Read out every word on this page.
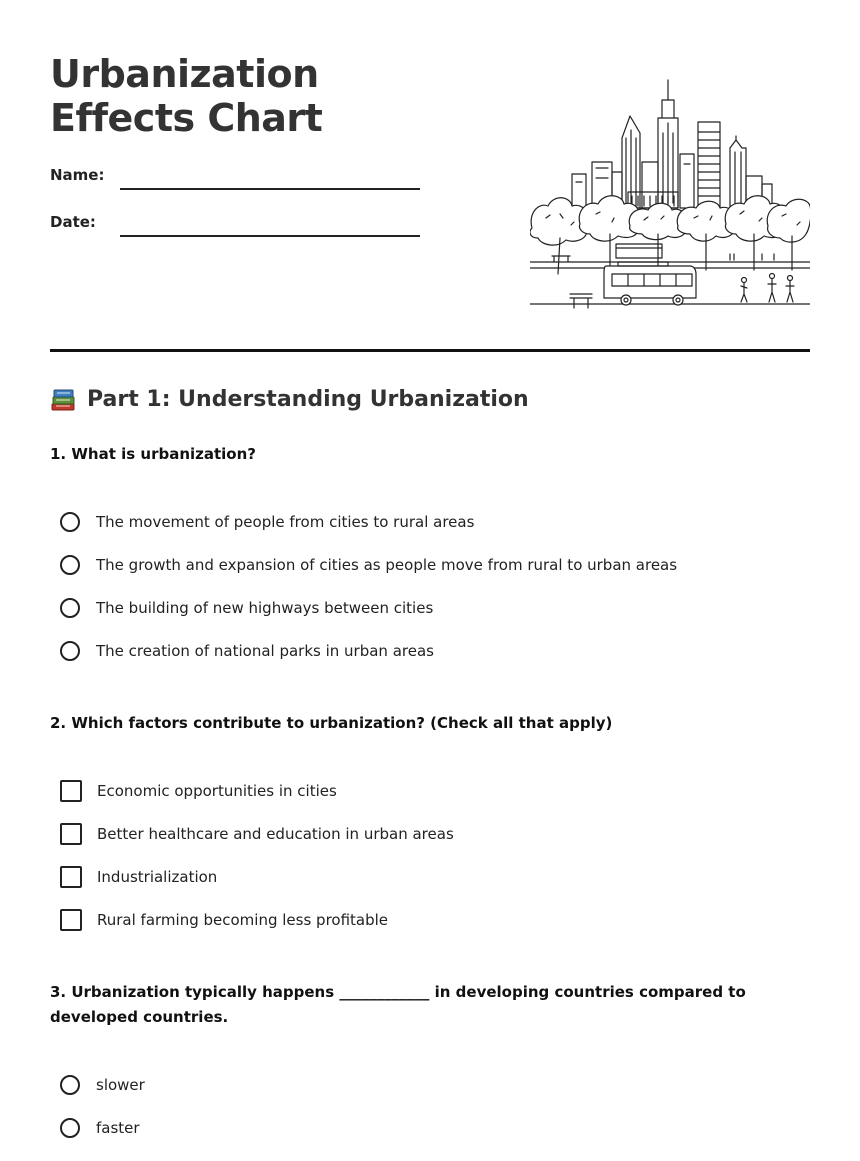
Urbanization Effects Chart
Name:
Date:
Part 1: Understanding Urbanization

1. What is urbanization?

The movement of people from cities to rural areas
The growth and expansion of cities as people move from rural to urban areas
The building of new highways between cities
The creation of national parks in urban areas

2. Which factors contribute to urbanization? (Check all that apply)

Economic opportunities in cities
Better healthcare and education in urban areas
Industrialization
Rural farming becoming less profitable

3. Urbanization typically happens ____________ in developing countries compared to developed countries.

slower
faster
